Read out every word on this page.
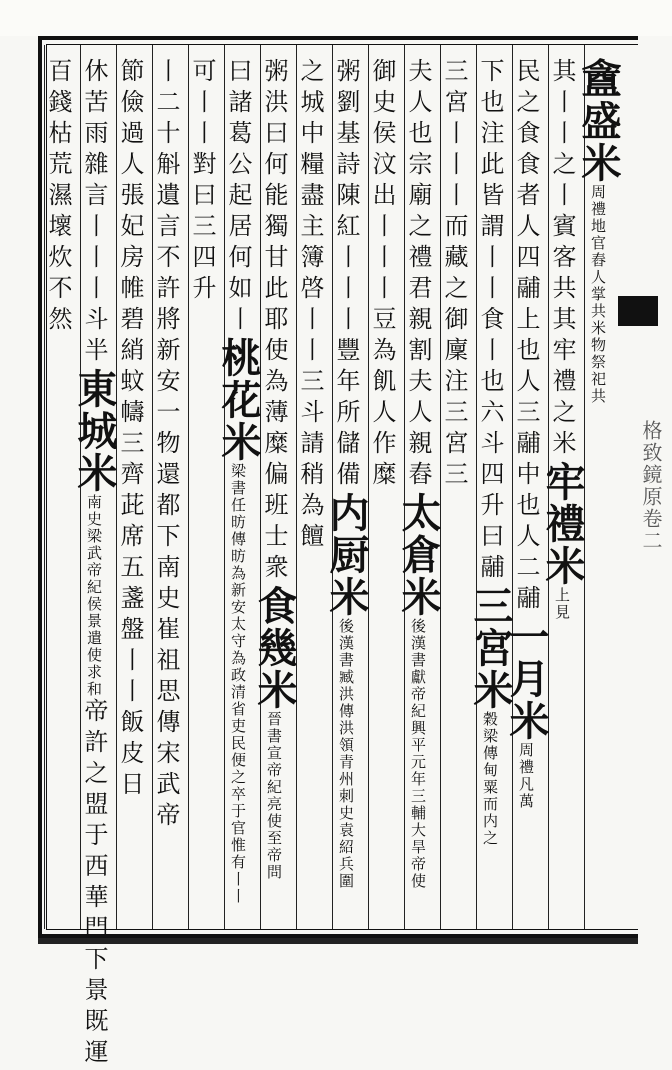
格致鏡原卷二
盦盛米周禮地官舂人掌共米物祭祀共
其丨丨之丨賓客共其牢禮之米牢禮米上見
民之食食者人四鬴上也人三鬴中也人二鬴一月米周禮凡萬
下也注此皆謂丨丨食丨也六斗四升曰鬴三宮米穀梁傳甸粟而内之
三宮丨丨丨而藏之御廩注三宮三
夫人也宗廟之禮君親割夫人親舂太倉米後漢書獻帝紀興平元年三輔大旱帝使
御史侯汶出丨丨丨豆為飢人作糜
粥劉基詩陳紅丨丨丨豐年所儲備内厨米後漢書臧洪傳洪領青州刺史袁紹兵圍
之城中糧盡主簿啓丨丨三斗請稍為饘
粥洪曰何能獨甘此耶使為薄糜偏班士衆食幾米晉書宣帝紀亮使至帝問
曰諸葛公起居何如丨桃花米梁書任昉傳昉為新安太守為政清省吏民便之卒于官惟有丨丨
可丨丨對曰三四升
丨二十斛遺言不許將新安一物還都下南史崔祖思傳宋武帝
節儉過人張妃房帷碧綃蚊幬三齊茈席五盞盤丨丨飯皮日
休苦雨雜言丨丨丨斗半東城米南史梁武帝紀侯景遣使求和帝許之盟于西華門下景既運
百錢枯荒濕壞炊不然
